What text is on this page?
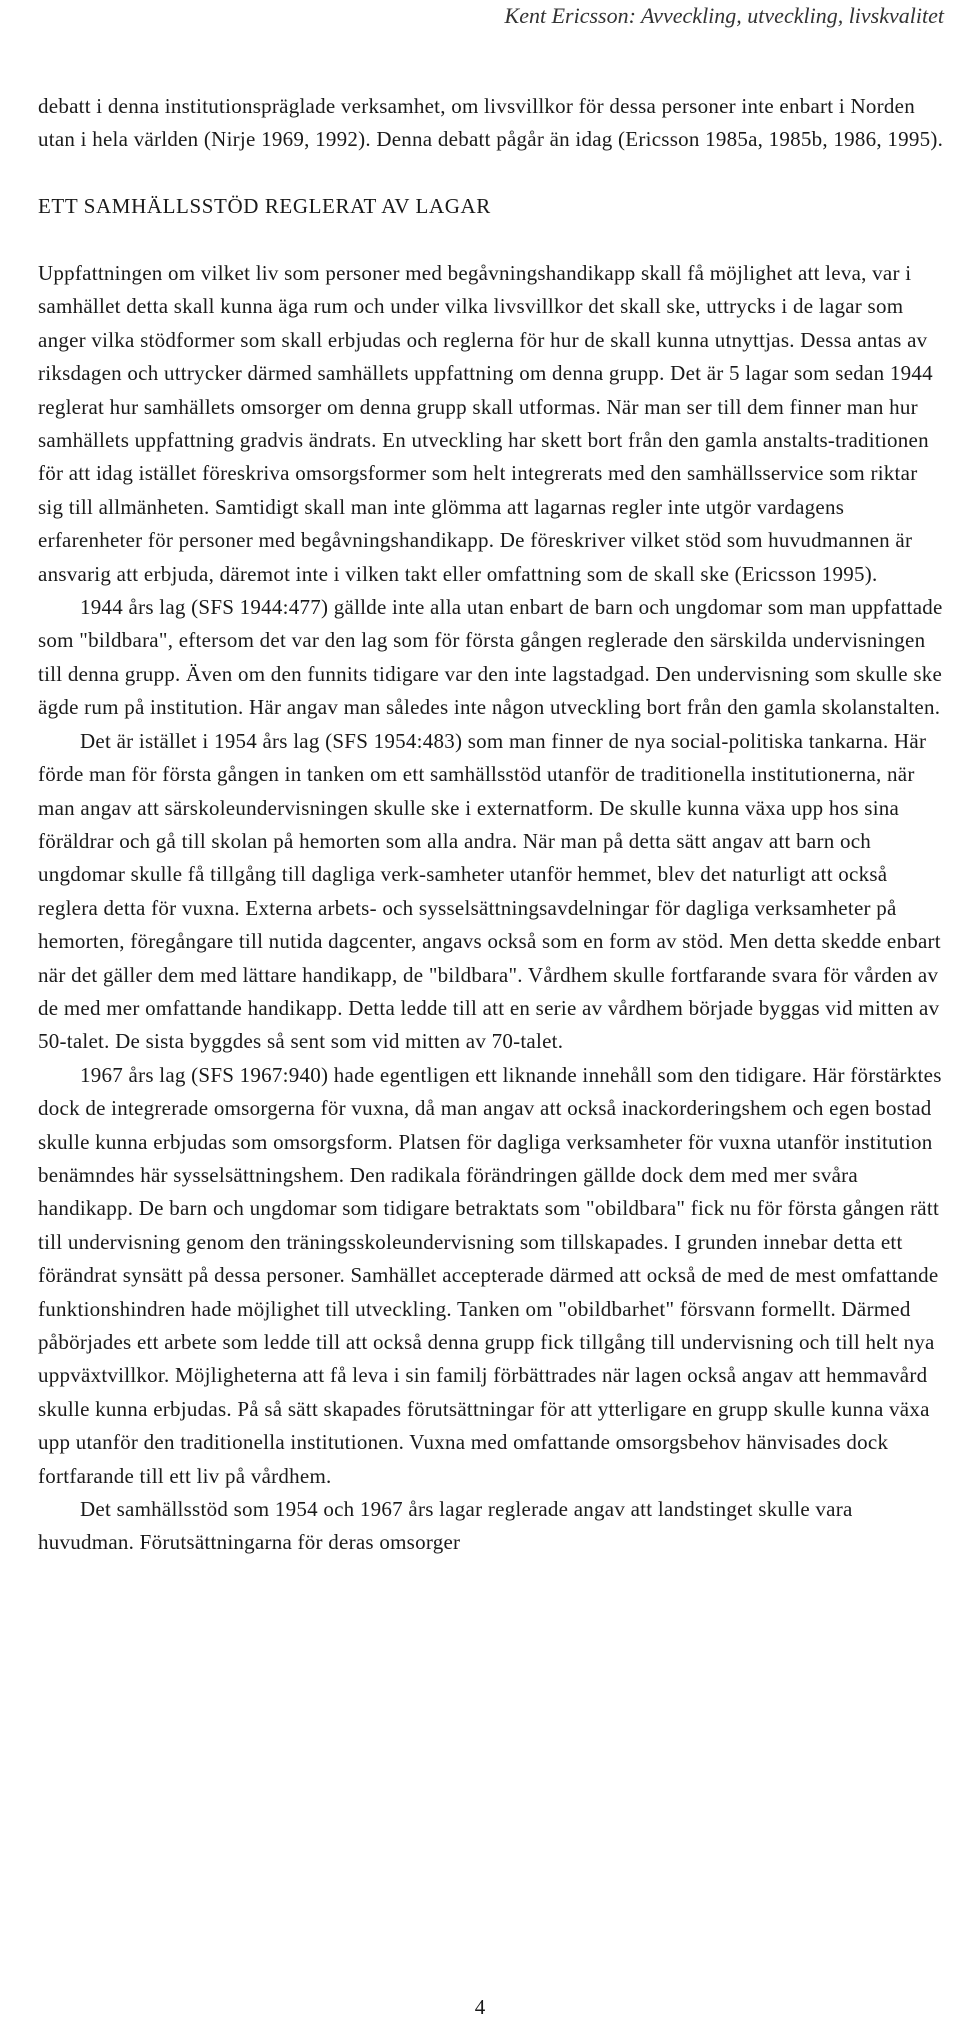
Kent Ericsson: Avveckling, utveckling, livskvalitet

debatt i denna institutionspräglade verksamhet, om livsvillkor för dessa personer inte enbart i Norden utan i hela världen (Nirje 1969, 1992). Denna debatt pågår än idag (Ericsson 1985a, 1985b, 1986, 1995).

ETT SAMHÄLLSSTÖD REGLERAT AV LAGAR

Uppfattningen om vilket liv som personer med begåvningshandikapp skall få möjlighet att leva, var i samhället detta skall kunna äga rum och under vilka livsvillkor det skall ske, uttrycks i de lagar som anger vilka stödformer som skall erbjudas och reglerna för hur de skall kunna utnyttjas. Dessa antas av riksdagen och uttrycker därmed samhällets uppfattning om denna grupp. Det är 5 lagar som sedan 1944 reglerat hur samhällets omsorger om denna grupp skall utformas. När man ser till dem finner man hur samhällets uppfattning gradvis ändrats. En utveckling har skett bort från den gamla anstalts-traditionen för att idag istället föreskriva omsorgsformer som helt integrerats med den samhällsservice som riktar sig till allmänheten. Samtidigt skall man inte glömma att lagarnas regler inte utgör vardagens erfarenheter för personer med begåvningshandikapp. De föreskriver vilket stöd som huvudmannen är ansvarig att erbjuda, däremot inte i vilken takt eller omfattning som de skall ske (Ericsson 1995).

1944 års lag (SFS 1944:477) gällde inte alla utan enbart de barn och ungdomar som man uppfattade som "bildbara", eftersom det var den lag som för första gången reglerade den särskilda undervisningen till denna grupp. Även om den funnits tidigare var den inte lagstadgad. Den undervisning som skulle ske ägde rum på institution. Här angav man således inte någon utveckling bort från den gamla skolanstalten.

Det är istället i 1954 års lag (SFS 1954:483) som man finner de nya social-politiska tankarna. Här förde man för första gången in tanken om ett samhällsstöd utanför de traditionella institutionerna, när man angav att särskoleundervisningen skulle ske i externatform. De skulle kunna växa upp hos sina föräldrar och gå till skolan på hemorten som alla andra. När man på detta sätt angav att barn och ungdomar skulle få tillgång till dagliga verk-samheter utanför hemmet, blev det naturligt att också reglera detta för vuxna. Externa arbets- och sysselsättningsavdelningar för dagliga verksamheter på hemorten, föregångare till nutida dagcenter, angavs också som en form av stöd. Men detta skedde enbart när det gäller dem med lättare handikapp, de "bildbara". Vårdhem skulle fortfarande svara för vården av de med mer omfattande handikapp. Detta ledde till att en serie av vårdhem började byggas vid mitten av 50-talet. De sista byggdes så sent som vid mitten av 70-talet.

1967 års lag (SFS 1967:940) hade egentligen ett liknande innehåll som den tidigare. Här förstärktes dock de integrerade omsorgerna för vuxna, då man angav att också inackorderingshem och egen bostad skulle kunna erbjudas som omsorgsform. Platsen för dagliga verksamheter för vuxna utanför institution benämndes här sysselsättningshem. Den radikala förändringen gällde dock dem med mer svåra handikapp. De barn och ungdomar som tidigare betraktats som "obildbara" fick nu för första gången rätt till undervisning genom den träningsskoleundervisning som tillskapades. I grunden innebar detta ett förändrat synsätt på dessa personer. Samhället accepterade därmed att också de med de mest omfattande funktionshindren hade möjlighet till utveckling. Tanken om "obildbarhet" försvann formellt. Därmed påbörjades ett arbete som ledde till att också denna grupp fick tillgång till undervisning och till helt nya uppväxtvillkor. Möjligheterna att få leva i sin familj förbättrades när lagen också angav att hemmavård skulle kunna erbjudas. På så sätt skapades förutsättningar för att ytterligare en grupp skulle kunna växa upp utanför den traditionella institutionen. Vuxna med omfattande omsorgsbehov hänvisades dock fortfarande till ett liv på vårdhem.

Det samhällsstöd som 1954 och 1967 års lagar reglerade angav att landstinget skulle vara huvudman. Förutsättningarna för deras omsorger

4
